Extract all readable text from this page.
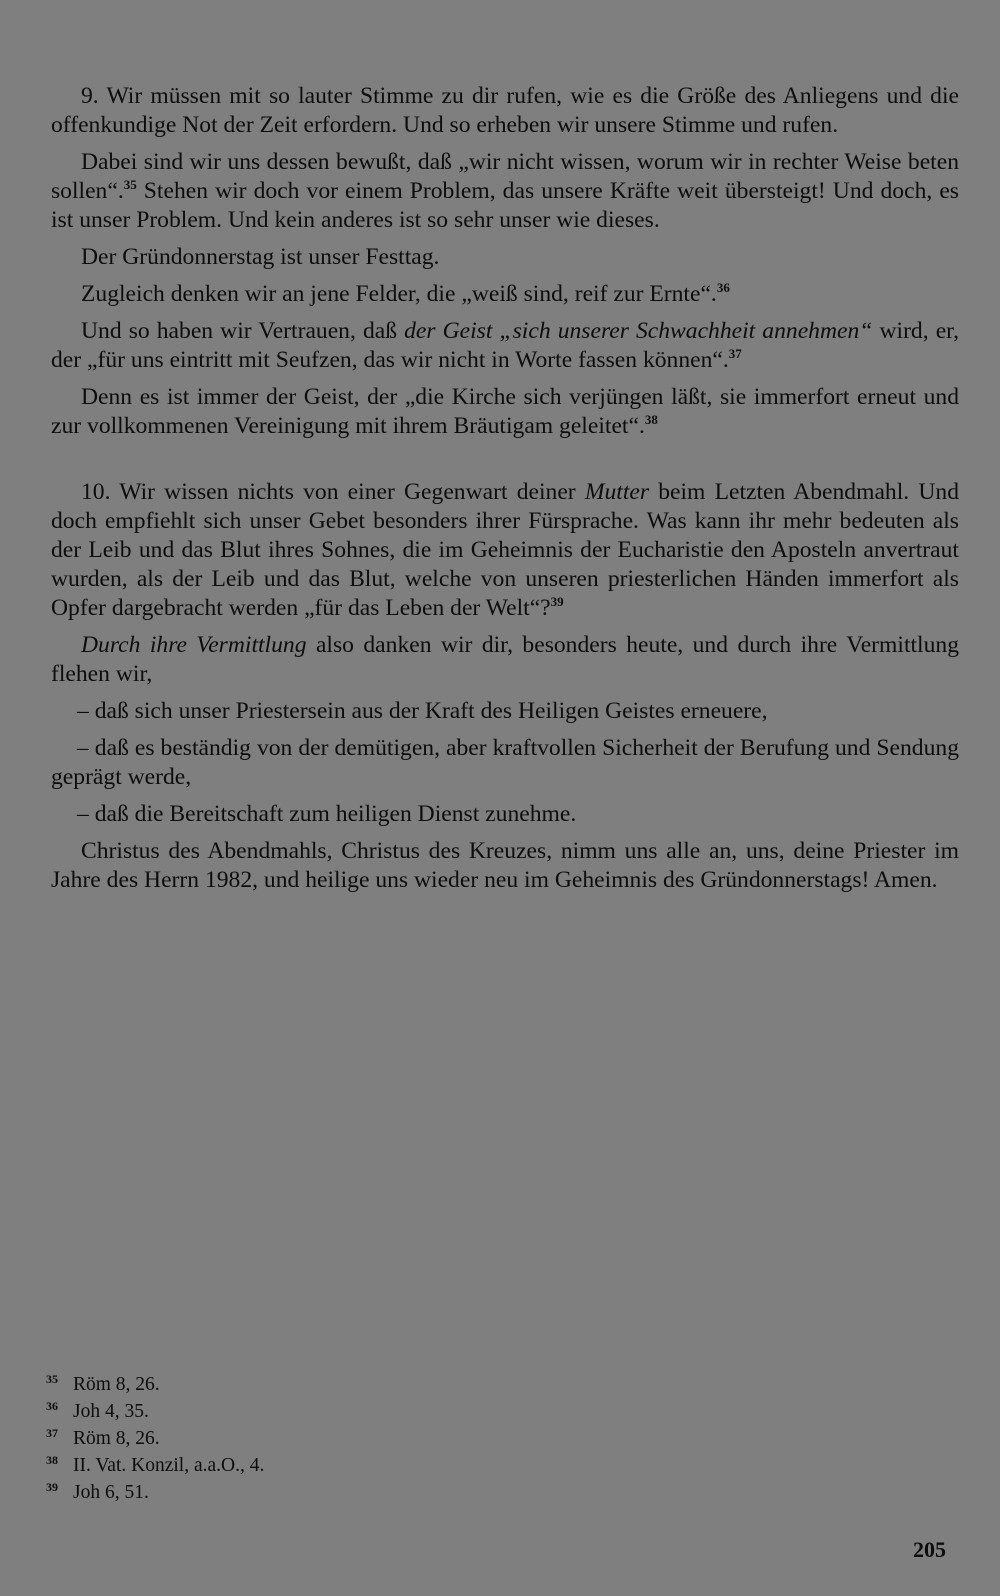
9. Wir müssen mit so lauter Stimme zu dir rufen, wie es die Größe des Anliegens und die offenkundige Not der Zeit erfordern. Und so erheben wir unsere Stimme und rufen.

Dabei sind wir uns dessen bewußt, daß „wir nicht wissen, worum wir in rechter Weise beten sollen“.$^{35}$ Stehen wir doch vor einem Problem, das unsere Kräfte weit übersteigt! Und doch, es ist unser Problem. Und kein anderes ist so sehr unser wie dieses.

Der Gründonnerstag ist unser Festtag.

Zugleich denken wir an jene Felder, die „weiß sind, reif zur Ernte“.$^{36}$

Und so haben wir Vertrauen, daß der Geist „sich unserer Schwachheit annehmen“ wird, er, der „für uns eintritt mit Seufzen, das wir nicht in Worte fassen können“.$^{37}$

Denn es ist immer der Geist, der „die Kirche sich verjüngen läßt, sie immerfort erneut und zur vollkommenen Vereinigung mit ihrem Bräutigam geleitet“.$^{38}$

10. Wir wissen nichts von einer Gegenwart deiner Mutter beim Letzten Abendmahl. Und doch empfiehlt sich unser Gebet besonders ihrer Fürsprache. Was kann ihr mehr bedeuten als der Leib und das Blut ihres Sohnes, die im Geheimnis der Eucharistie den Aposteln anvertraut wurden, als der Leib und das Blut, welche von unseren priesterlichen Händen immerfort als Opfer dargebracht werden „für das Leben der Welt“?$^{39}$

Durch ihre Vermittlung also danken wir dir, besonders heute, und durch ihre Vermittlung flehen wir,

– daß sich unser Priestersein aus der Kraft des Heiligen Geistes erneuere,

– daß es beständig von der demütigen, aber kraftvollen Sicherheit der Berufung und Sendung geprägt werde,

– daß die Bereitschaft zum heiligen Dienst zunehme.

Christus des Abendmahls, Christus des Kreuzes, nimm uns alle an, uns, deine Priester im Jahre des Herrn 1982, und heilige uns wieder neu im Geheimnis des Gründonnerstags! Amen.

35 Röm 8, 26.
36 Joh 4, 35.
37 Röm 8, 26.
38 II. Vat. Konzil, a.a.O., 4.
39 Joh 6, 51.
205
